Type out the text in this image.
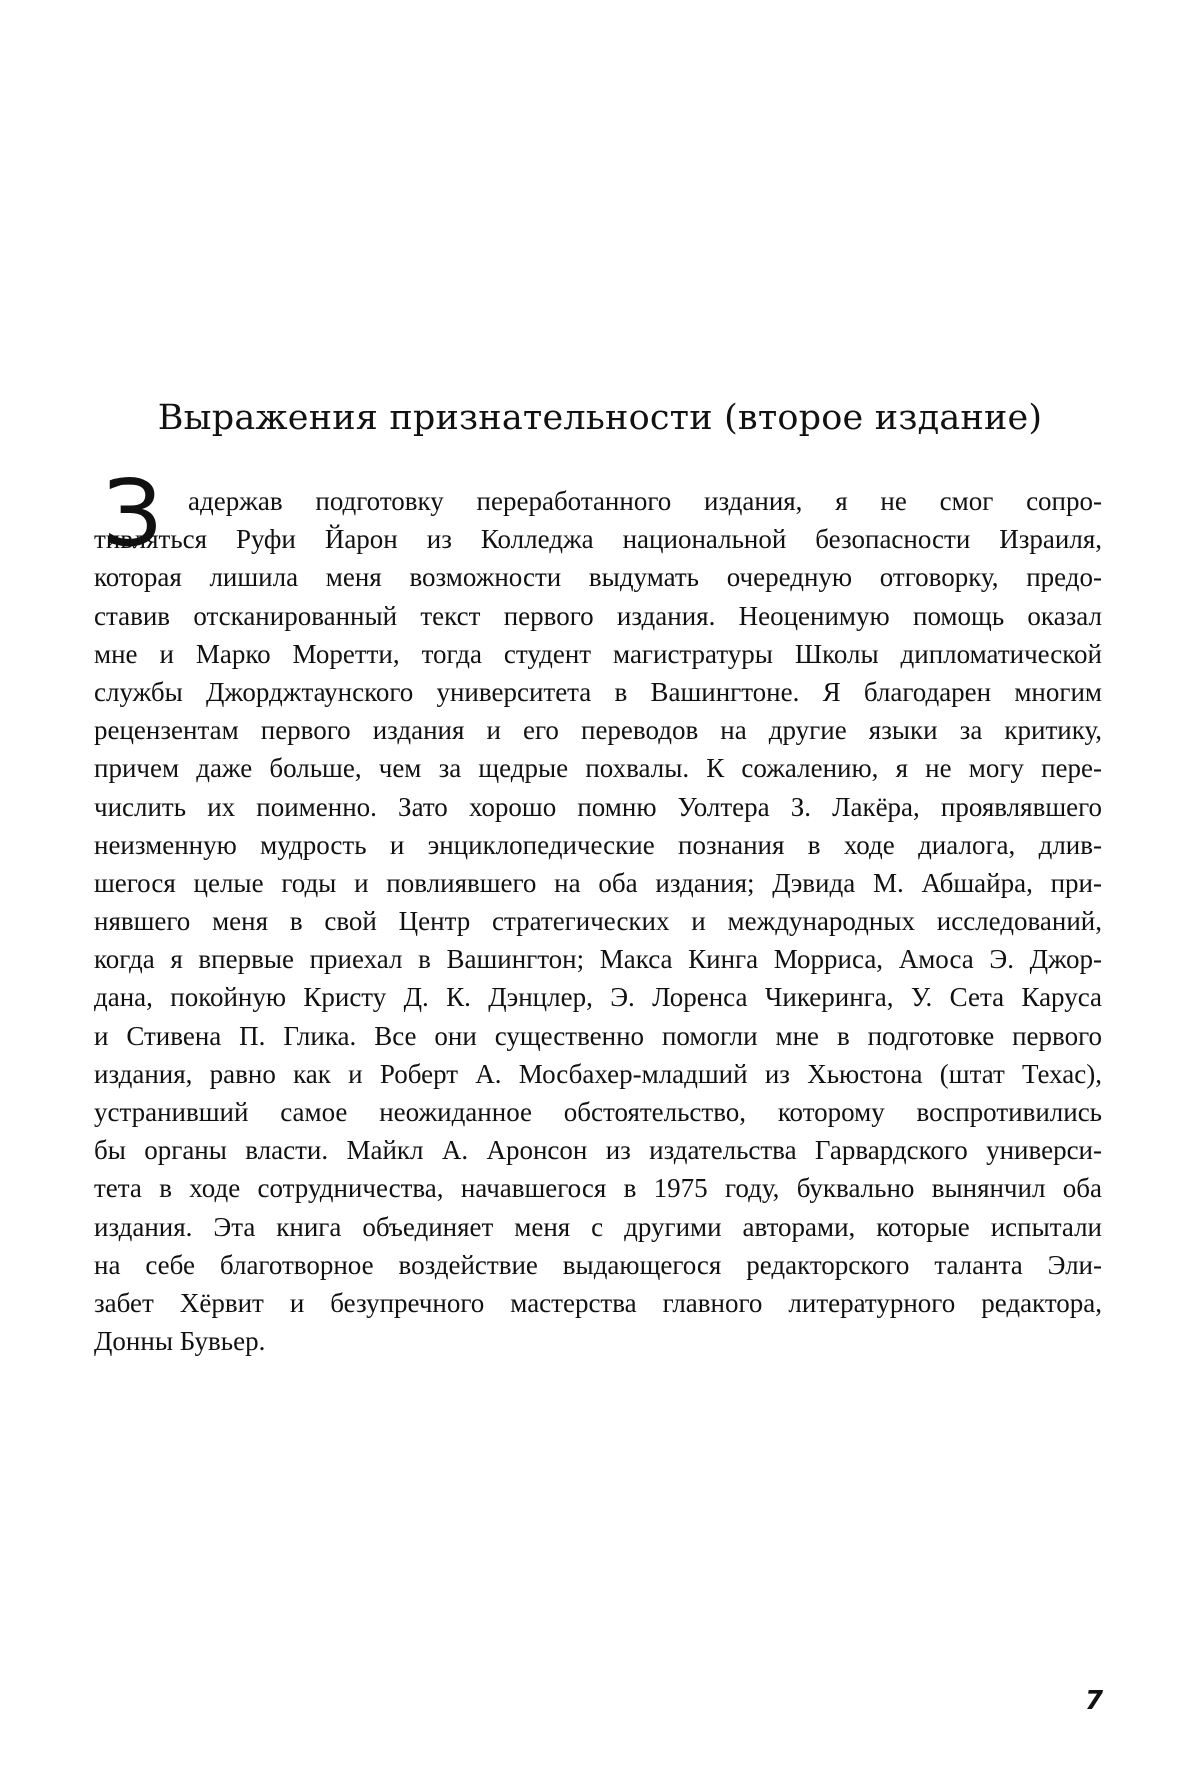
Выражения признательности (второе издание)
З адержав подготовку переработанного издания, я не смог сопро-
тивляться Руфи Йарон из Колледжа национальной безопасности Израиля,
которая лишила меня возможности выдумать очередную отговорку, предо-
ставив отсканированный текст первого издания. Неоценимую помощь оказал
мне и Марко Моретти, тогда студент магистратуры Школы дипломатической
службы Джорджтаунского университета в Вашингтоне. Я благодарен многим
рецензентам первого издания и его переводов на другие языки за критику,
причем даже больше, чем за щедрые похвалы. К сожалению, я не могу пере-
числить их поименно. Зато хорошо помню Уолтера З. Лакёра, проявлявшего
неизменную мудрость и энциклопедические познания в ходе диалога, длив-
шегося целые годы и повлиявшего на оба издания; Дэвида М. Абшайра, при-
нявшего меня в свой Центр стратегических и международных исследований,
когда я впервые приехал в Вашингтон; Макса Кинга Морриса, Амоса Э. Джор-
дана, покойную Кристу Д. К. Дэнцлер, Э. Лоренса Чикеринга, У. Сета Каруса
и Стивена П. Глика. Все они существенно помогли мне в подготовке первого
издания, равно как и Роберт А. Мосбахер-младший из Хьюстона (штат Техас),
устранивший самое неожиданное обстоятельство, которому воспротивились
бы органы власти. Майкл А. Аронсон из издательства Гарвардского универси-
тета в ходе сотрудничества, начавшегося в 1975 году, буквально вынянчил оба
издания. Эта книга объединяет меня с другими авторами, которые испытали
на себе благотворное воздействие выдающегося редакторского таланта Эли-
забет Хёрвит и безупречного мастерства главного литературного редактора,
Донны Бувьер.
7
